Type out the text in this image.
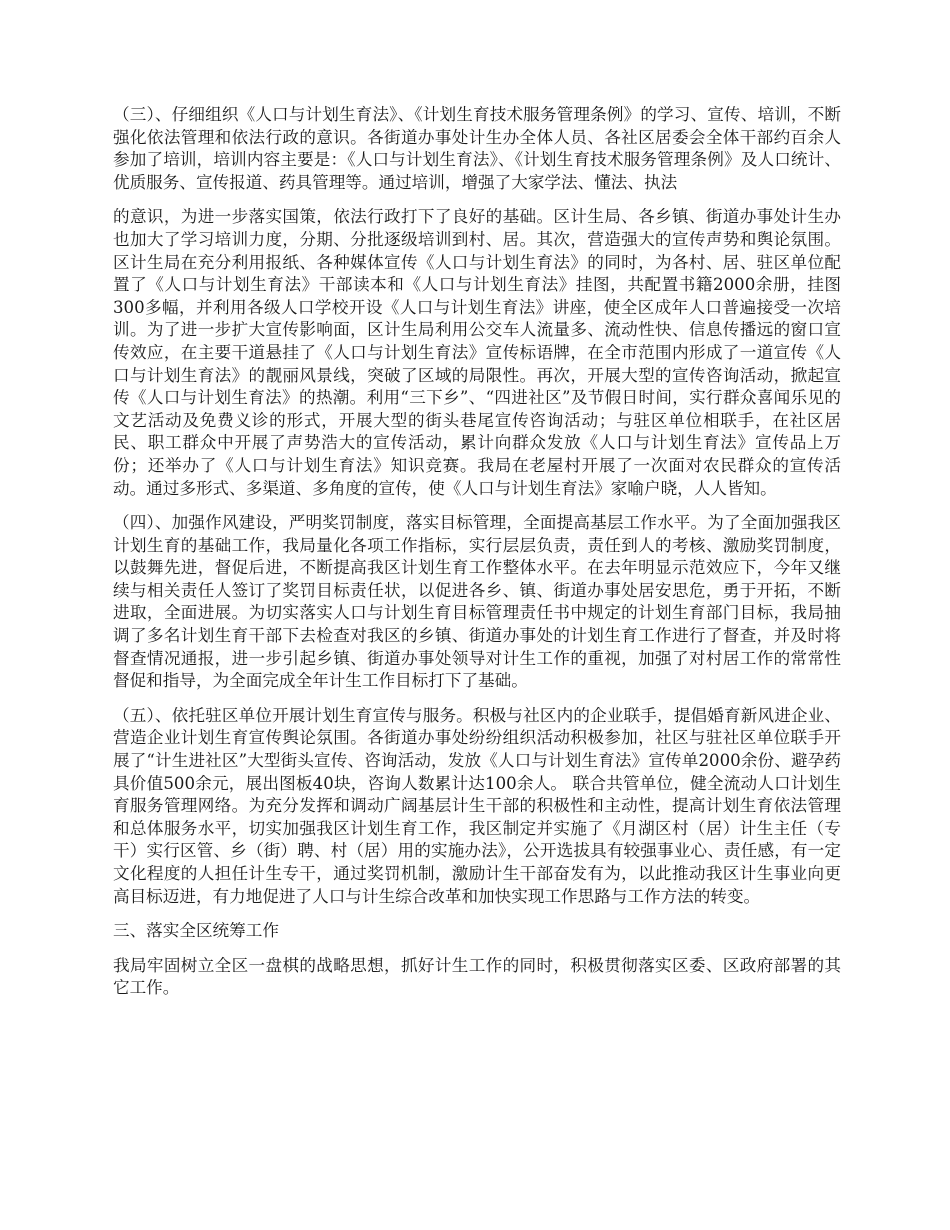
（三）、仔细组织《人口与计划生育法》、《计划生育技术服务管理条例》的学习、宣传、培训，不断强化依法管理和依法行政的意识。各街道办事处计生办全体人员、各社区居委会全体干部约百余人参加了培训，培训内容主要是：《人口与计划生育法》、《计划生育技术服务管理条例》及人口统计、优质服务、宣传报道、药具管理等。通过培训，增强了大家学法、懂法、执法

的意识，为进一步落实国策，依法行政打下了良好的基础。区计生局、各乡镇、街道办事处计生办也加大了学习培训力度，分期、分批逐级培训到村、居。其次，营造强大的宣传声势和舆论氛围。区计生局在充分利用报纸、各种媒体宣传《人口与计划生育法》的同时，为各村、居、驻区单位配置了《人口与计划生育法》干部读本和《人口与计划生育法》挂图，共配置书籍2000余册，挂图300多幅，并利用各级人口学校开设《人口与计划生育法》讲座，使全区成年人口普遍接受一次培训。为了进一步扩大宣传影响面，区计生局利用公交车人流量多、流动性快、信息传播远的窗口宣传效应，在主要干道悬挂了《人口与计划生育法》宣传标语牌，在全市范围内形成了一道宣传《人口与计划生育法》的靓丽风景线，突破了区域的局限性。再次，开展大型的宣传咨询活动，掀起宣传《人口与计划生育法》的热潮。利用“三下乡”、“四进社区”及节假日时间，实行群众喜闻乐见的文艺活动及免费义诊的形式，开展大型的街头巷尾宣传咨询活动；与驻区单位相联手，在社区居民、职工群众中开展了声势浩大的宣传活动，累计向群众发放《人口与计划生育法》宣传品上万份；还举办了《人口与计划生育法》知识竞赛。我局在老屋村开展了一次面对农民群众的宣传活动。通过多形式、多渠道、多角度的宣传，使《人口与计划生育法》家喻户晓，人人皆知。

（四）、加强作风建设，严明奖罚制度，落实目标管理，全面提高基层工作水平。为了全面加强我区计划生育的基础工作，我局量化各项工作指标，实行层层负责，责任到人的考核、激励奖罚制度，以鼓舞先进，督促后进，不断提高我区计划生育工作整体水平。在去年明显示范效应下，今年又继续与相关责任人签订了奖罚目标责任状，以促进各乡、镇、街道办事处居安思危，勇于开拓，不断进取，全面进展。为切实落实人口与计划生育目标管理责任书中规定的计划生育部门目标，我局抽调了多名计划生育干部下去检查对我区的乡镇、街道办事处的计划生育工作进行了督查，并及时将督查情况通报，进一步引起乡镇、街道办事处领导对计生工作的重视，加强了对村居工作的常常性督促和指导，为全面完成全年计生工作目标打下了基础。

（五）、依托驻区单位开展计划生育宣传与服务。积极与社区内的企业联手，提倡婚育新风进企业、营造企业计划生育宣传舆论氛围。各街道办事处纷纷组织活动积极参加，社区与驻社区单位联手开展了“计生进社区”大型街头宣传、咨询活动，发放《人口与计划生育法》宣传单2000余份、避孕药具价值500余元，展出图板40块，咨询人数累计达100余人。 联合共管单位，健全流动人口计划生育服务管理网络。为充分发挥和调动广阔基层计生干部的积极性和主动性，提高计划生育依法管理和总体服务水平，切实加强我区计划生育工作，我区制定并实施了《月湖区村（居）计生主任（专干）实行区管、乡（街）聘、村（居）用的实施办法》，公开选拔具有较强事业心、责任感，有一定文化程度的人担任计生专干，通过奖罚机制，激励计生干部奋发有为，以此推动我区计生事业向更高目标迈进，有力地促进了人口与计生综合改革和加快实现工作思路与工作方法的转变。

三、落实全区统筹工作

我局牢固树立全区一盘棋的战略思想，抓好计生工作的同时，积极贯彻落实区委、区政府部署的其它工作。
